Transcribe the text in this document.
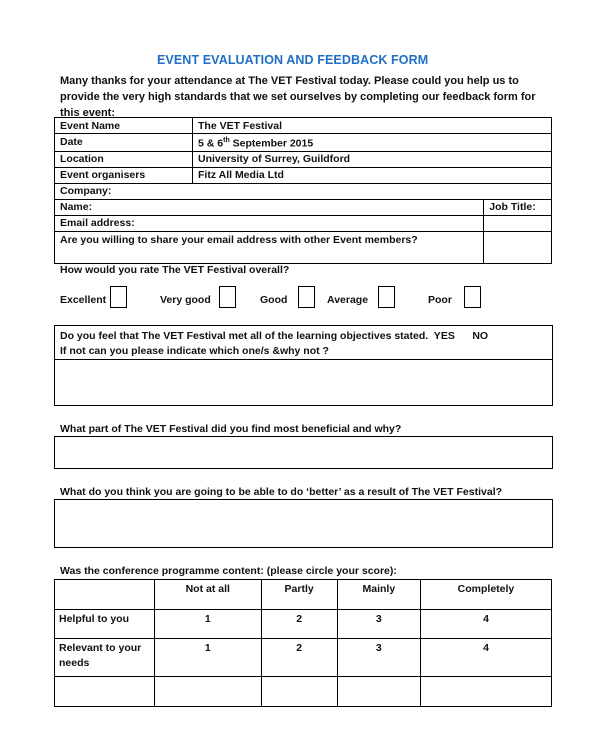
EVENT EVALUATION AND FEEDBACK FORM
Many thanks for your attendance at The VET Festival today. Please could you help us to provide the very high standards that we set ourselves by completing our feedback form for this event:
Event Name	The VET Festival	
Date	5 & 6th September 2015	
Location	University of Surrey, Guildford	
Event organisers	Fitz All Media Ltd	
Company:		
Name:		Job Title:
Email address:		
Are you willing to share your email address with other Event members?		
How would you rate The VET Festival overall?
Excellent	Very good	Good	Average	Poor
Do you feel that The VET Festival met all of the learning objectives stated.  YES      NO
If not can you please indicate which one/s &why not ?
What part of The VET Festival did you find most beneficial and why?
What do you think you are going to be able to do ‘better’ as a result of The VET Festival?
Was the conference programme content: (please circle your score):
	Not at all	Partly	Mainly	Completely
Helpful to you	1	2	3	4
Relevant to your needs	1	2	3	4
